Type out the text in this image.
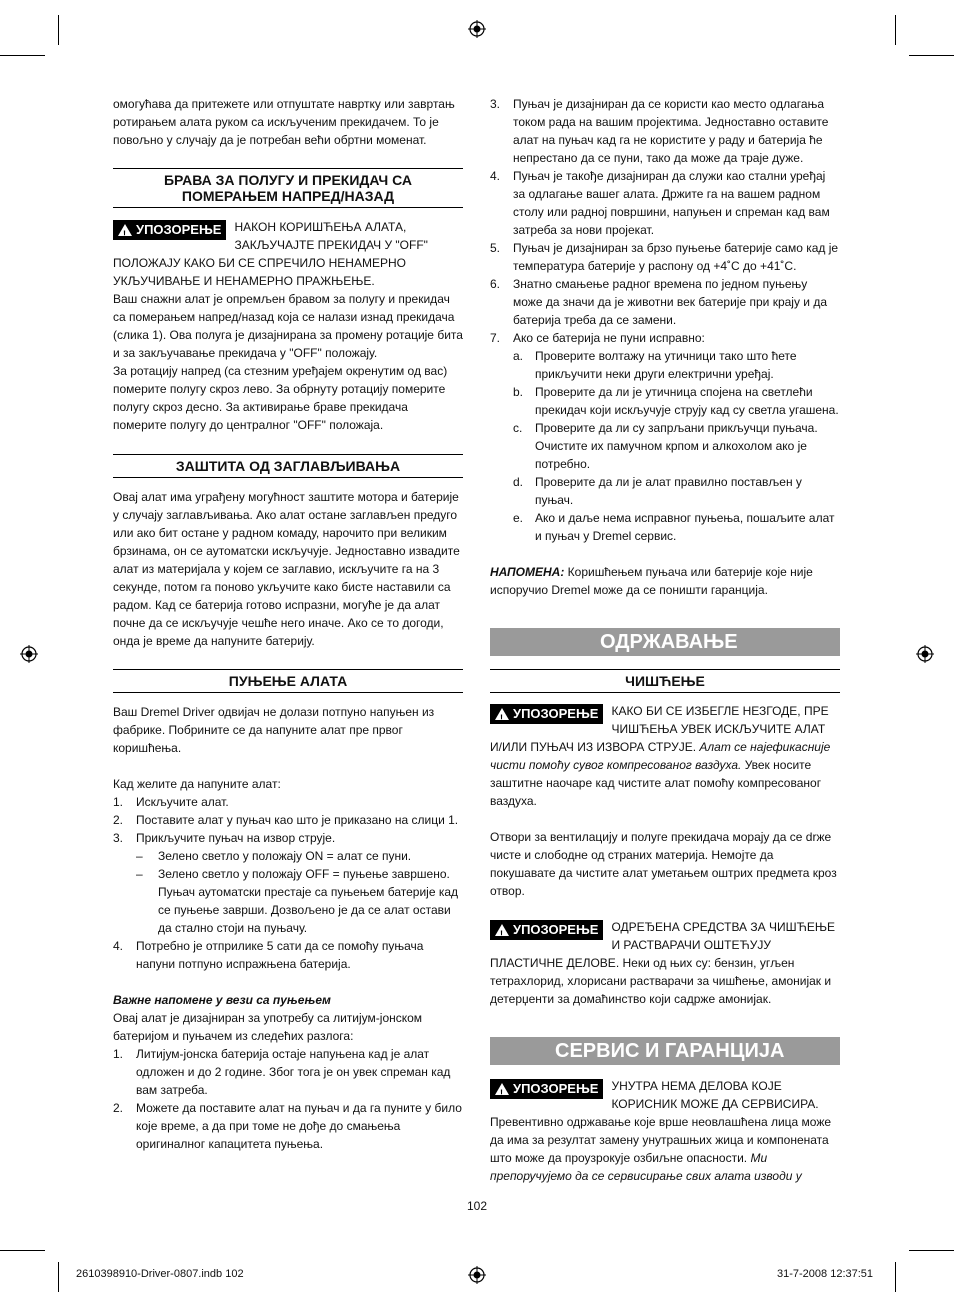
омогућава да притежете или отпуштате навртку или завртањ ротирањем алата руком са искљученим прекидачем. То је повољно у случају да је потребан већи обртни моменат.

БРАВА ЗА ПОЛУГУ И ПРЕКИДАЧ СА
ПОМЕРАЊЕМ НАПРЕД/НАЗАД

!
УПОЗОРЕЊЕ НАКОН КОРИШЋЕЊА АЛАТА, ЗАКЉУЧАЈТЕ ПРЕКИДАЧ У "OFF" ПОЛОЖАЈУ КАКО БИ СЕ СПРЕЧИЛО НЕНАМЕРНО УКЉУЧИВАЊЕ И НЕНАМЕРНО ПРАЖЊЕЊЕ.

Ваш снажни алат је опремљен бравом за полугу и прекидач са померањем напред/назад која се налази изнад прекидача (слика 1). Ова полуга је дизајнирана за промену ротације бита и за закључавање прекидача у "OFF" положају.

За ротацију напред (са стезним уређајем окренутим од вас) померите полугу скроз лево. За обрнуту ротацију померите полугу скроз десно. За активирање браве прекидача померите полугу до централног "OFF" положаја.

ЗАШТИТА ОД ЗАГЛАВЉИВАЊА

Овај алат има уграђену могућност заштите мотора и батерије у случају заглављивања. Ако алат остане заглављен предуго или ако бит остане у радном комаду, нарочито при великим брзинама, он се аутоматски искључује. Једноставно извадите алат из материјала у којем се заглавио, искључите га на 3 секунде, потом га поново укључите како бисте наставили са радом. Кад се батерија готово испразни, могуће је да алат почне да се искључује чешће него иначе. Ако се то догоди, онда је време да напуните батерију.

ПУЊЕЊЕ АЛАТА

Ваш Dremel Driver одвијач не долази потпуно напуњен из фабрике. Побрините се да напуните алат пре првог коришћења.

Кад желите да напуните алат:

1.	Искључите алат.
2.	Поставите алат у пуњач као што је приказано на слици 1.
3.	Прикључите пуњач на извор струје.
–	Зелено светло у положају ON = алат се пуни.
–	Зелено светло у положају OFF = пуњење завршено. Пуњач аутоматски престаје са пуњењем батерије кад се пуњење заврши. Дозвољено је да се алат остави да стално стоји на пуњачу.
4.	Потребно је отприлике 5 сати да се помоћу пуњача напуни потпуно испражњена батерија.

Важне напомене у вези са пуњењем

Овај алат је дизајниран за употребу са литијум-јонском батеријом и пуњачем из следећих разлога:

1.	Литијум-јонска батерија остаје напуњена кад је алат одложен и до 2 године. Због тога је он увек спреман кад вам затреба.
2.	Можете да поставите алат на пуњач и да га пуните у било које време, а да при томе не дође до смањења оригиналног капацитета пуњења.
3.	Пуњач је дизајниран да се користи као место одлагања током рада на вашим пројектима. Једноставно оставите алат на пуњач кад га не користите у раду и батерија ће непрестано да се пуни, тако да може да траје дуже.
4.	Пуњач је такође дизајниран да служи као стални уређај за одлагање вашег алата. Држите га на вашем радном столу или радној површини, напуњен и спреман кад вам затреба за нови пројекат.
5.	Пуњач је дизајниран за брзо пуњење батерије само кад је температура батерије у распону од +4˚C до +41˚C.
6.	Знатно смањење радног времена по једном пуњењу може да значи да је животни век батерије при крају и да батерија треба да се замени.
7.	Ако се батерија не пуни исправно:
a. Проверите волтажу на утичници тако што ћете прикључити неки други електрични уређај.
b. Проверите да ли је утичница спојена на светлећи прекидач који искључује струју кад су светла угашена.
c.	Проверите да ли су запрљани прикључци пуњача. Очистите их памучном крпом и алкохолом ако је потребно.
d. Проверите да ли је алат правилно постављен у пуњач.
e. Ако и даље нема исправног пуњења, пошаљите алат и пуњач у Dremel сервис.

НАПОМЕНА: Коришћењем пуњача или батерије које није испоручио Dremel може да се поништи гаранција.

ОДРЖАВАЊЕ
ЧИШЋЕЊЕ

!
УПОЗОРЕЊЕ КАКО БИ СЕ ИЗБЕГЛЕ НЕЗГОДЕ, ПРЕ ЧИШЋЕЊА УВЕК ИСКЉУЧИТЕ АЛАТ И/ИЛИ ПУЊАЧ ИЗ ИЗВОРА СТРУЈЕ. Алат се најефикасније чисти помоћу сувог компресованог ваздуха. Увек носите заштитне наочаре кад чистите алат помоћу компресованог ваздуха.

Отвори за вентилацију и полуге прекидача морају да се drже чисте и слободне од страних материја. Немојте да покушавате да чистите алат уметањем оштрих предмета кроз отвор.

!
УПОЗОРЕЊЕ ОДРЕЂЕНА СРЕДСТВА ЗА ЧИШЋЕЊЕ И РАСТВАРАЧИ ОШТЕЋУЈУ ПЛАСТИЧНЕ ДЕЛОВЕ. Неки од њих су: бензин, угљен тетрахлорид, хлорисани растварачи за чишћење, амонијак и детерџенти за домаћинство који садрже амонијак.

СЕРВИС И ГАРАНЦИЈА

!
УПОЗОРЕЊЕ УНУТРА НЕМА ДЕЛОВА КОЈЕ КОРИСНИК МОЖЕ ДА СЕРВИСИРА. Превентивно одржавање које врше неовлашћена лица може да има за резултат замену унутрашњих жица и компонената што може да проузрокује озбиљне опасности. Ми препоручујемо да се сервисирање свих алата изводи у

102
2610398910-Driver-0807.indb 102	31-7-2008 12:37:51
